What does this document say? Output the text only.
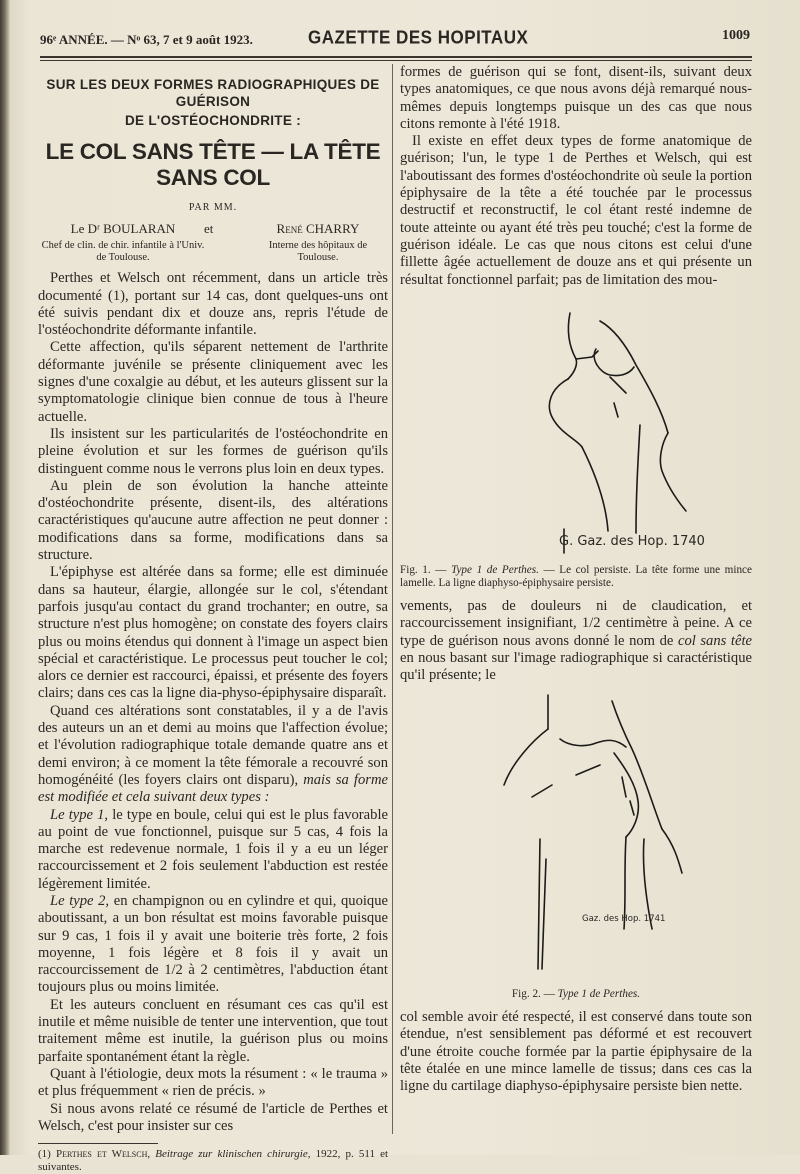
96ᵉ ANNÉE. — Nᵒ 63, 7 et 9 août 1923.	GAZETTE DES HOPITAUX	1009
SUR LES DEUX FORMES RADIOGRAPHIQUES DE GUÉRISON
DE L'OSTÉOCHONDRITE :
LE COL SANS TÊTE — LA TÊTE SANS COL
PAR MM.
Le Dʳ BOULARAN
Chef de clin. de chir. infantile à l'Univ. de Toulouse.
et	René CHARRY
Interne des hôpitaux de Toulouse.

Perthes et Welsch ont récemment, dans un article très documenté (1), portant sur 14 cas, dont quelques-uns ont été suivis pendant dix et douze ans, repris l'étude de l'ostéochondrite déformante infantile.

Cette affection, qu'ils séparent nettement de l'arthrite déformante juvénile se présente cliniquement avec les signes d'une coxalgie au début, et les auteurs glissent sur la symptomatologie clinique bien connue de tous à l'heure actuelle.

Ils insistent sur les particularités de l'ostéochondrite en pleine évolution et sur les formes de guérison qu'ils distinguent comme nous le verrons plus loin en deux types.

Au plein de son évolution la hanche atteinte d'ostéochondrite présente, disent-ils, des altérations caractéristiques qu'aucune autre affection ne peut donner : modifications dans sa forme, modifications dans sa structure.

L'épiphyse est altérée dans sa forme; elle est diminuée dans sa hauteur, élargie, allongée sur le col, s'étendant parfois jusqu'au contact du grand trochanter; en outre, sa structure n'est plus homogène; on constate des foyers clairs plus ou moins étendus qui donnent à l'image un aspect bien spécial et caractéristique. Le processus peut toucher le col; alors ce dernier est raccourci, épaissi, et présente des foyers clairs; dans ces cas la ligne dia-physo-épiphysaire disparaît.

Quand ces altérations sont constatables, il y a de l'avis des auteurs un an et demi au moins que l'affection évolue; et l'évolution radiographique totale demande quatre ans et demi environ; à ce moment la tête fémorale a recouvré son homogénéité (les foyers clairs ont disparu), mais sa forme est modifiée et cela suivant deux types :

Le type 1, le type en boule, celui qui est le plus favorable au point de vue fonctionnel, puisque sur 5 cas, 4 fois la marche est redevenue normale, 1 fois il y a eu un léger raccourcissement et 2 fois seulement l'abduction est restée légèrement limitée.

Le type 2, en champignon ou en cylindre et qui, quoique aboutissant, a un bon résultat est moins favorable puisque sur 9 cas, 1 fois il y avait une boiterie très forte, 2 fois moyenne, 1 fois légère et 8 fois il y avait un raccourcissement de 1/2 à 2 centimètres, l'abduction étant toujours plus ou moins limitée.

Et les auteurs concluent en résumant ces cas qu'il est inutile et même nuisible de tenter une intervention, que tout traitement même est inutile, la guérison plus ou moins parfaite spontanément étant la règle.

Quant à l'étiologie, deux mots la résument : « le trauma » et plus fréquemment « rien de précis. »

Si nous avons relaté ce résumé de l'article de Perthes et Welsch, c'est pour insister sur ces

(1) Perthes et Welsch, Beitrage zur klinischen chirurgie, 1922, p. 511 et suivantes.

formes de guérison qui se font, disent-ils, suivant deux types anatomiques, ce que nous avons déjà remarqué nous-mêmes depuis longtemps puisque un des cas que nous citons remonte à l'été 1918.

Il existe en effet deux types de forme anatomique de guérison; l'un, le type 1 de Perthes et Welsch, qui est l'aboutissant des formes d'ostéochondrite où seule la portion épiphysaire de la tête a été touchée par le processus destructif et reconstructif, le col étant resté indemne de toute atteinte ou ayant été très peu touché; c'est la forme de guérison idéale. Le cas que nous citons est celui d'une fillette âgée actuellement de douze ans et qui présente un résultat fonctionnel parfait; pas de limitation des mou-

G. Gaz. des Hop. 1740

Fig. 1. — Type 1 de Perthes. — Le col persiste. La tête forme une mince lamelle. La ligne diaphyso-épiphysaire persiste.

vements, pas de douleurs ni de claudication, et raccourcissement insignifiant, 1/2 centimètre à peine. A ce type de guérison nous avons donné le nom de col sans tête en nous basant sur l'image radiographique si caractéristique qu'il présente; le

Gaz. des Hop. 1741

Fig. 2. — Type 1 de Perthes.

col semble avoir été respecté, il est conservé dans toute son étendue, n'est sensiblement pas déformé et est recouvert d'une étroite couche formée par la partie épiphysaire de la tête étalée en une mince lamelle de tissus; dans ces cas la ligne du cartilage diaphyso-épiphysaire persiste bien nette.
